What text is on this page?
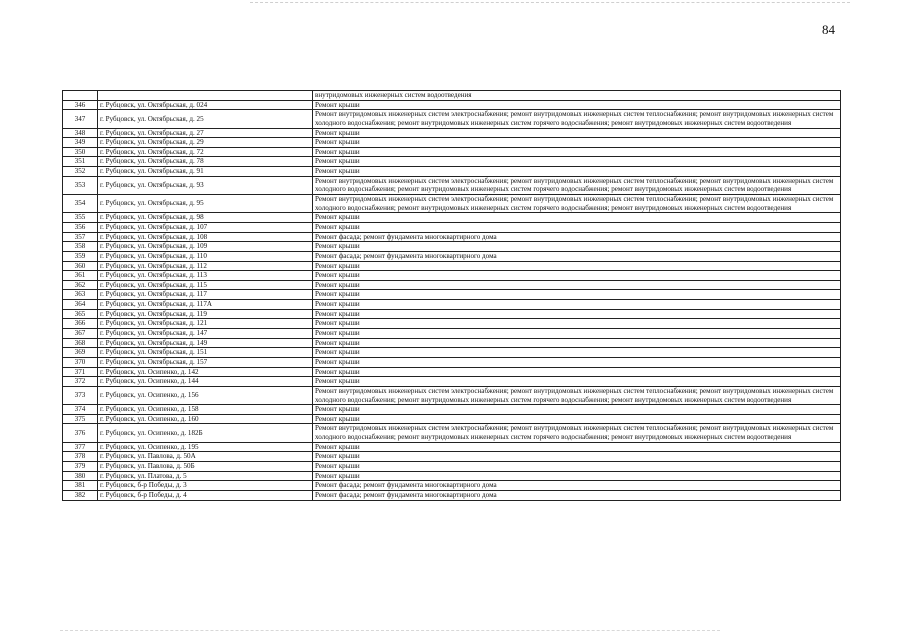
84
		внутридомовых инженерных систем водоотведения
346	г. Рубцовск, ул. Октябрьская, д. 024	Ремонт крыши
347	г. Рубцовск, ул. Октябрьская, д. 25	Ремонт внутридомовых инженерных систем электроснабжения; ремонт внутридомовых инженерных систем теплоснабжения; ремонт внутридомовых инженерных систем холодного водоснабжения; ремонт внутридомовых инженерных систем горячего водоснабжения; ремонт внутридомовых инженерных систем водоотведения
348	г. Рубцовск, ул. Октябрьская, д. 27	Ремонт крыши
349	г. Рубцовск, ул. Октябрьская, д. 29	Ремонт крыши
350	г. Рубцовск, ул. Октябрьская, д. 72	Ремонт крыши
351	г. Рубцовск, ул. Октябрьская, д. 78	Ремонт крыши
352	г. Рубцовск, ул. Октябрьская, д. 91	Ремонт крыши
353	г. Рубцовск, ул. Октябрьская, д. 93	Ремонт внутридомовых инженерных систем электроснабжения; ремонт внутридомовых инженерных систем теплоснабжения; ремонт внутридомовых инженерных систем холодного водоснабжения; ремонт внутридомовых инженерных систем горячего водоснабжения; ремонт внутридомовых инженерных систем водоотведения
354	г. Рубцовск, ул. Октябрьская, д. 95	Ремонт внутридомовых инженерных систем электроснабжения; ремонт внутридомовых инженерных систем теплоснабжения; ремонт внутридомовых инженерных систем холодного водоснабжения; ремонт внутридомовых инженерных систем горячего водоснабжения; ремонт внутридомовых инженерных систем водоотведения
355	г. Рубцовск, ул. Октябрьская, д. 98	Ремонт крыши
356	г. Рубцовск, ул. Октябрьская, д. 107	Ремонт крыши
357	г. Рубцовск, ул. Октябрьская, д. 108	Ремонт фасада; ремонт фундамента многоквартирного дома
358	г. Рубцовск, ул. Октябрьская, д. 109	Ремонт крыши
359	г. Рубцовск, ул. Октябрьская, д. 110	Ремонт фасада; ремонт фундамента многоквартирного дома
360	г. Рубцовск, ул. Октябрьская, д. 112	Ремонт крыши
361	г. Рубцовск, ул. Октябрьская, д. 113	Ремонт крыши
362	г. Рубцовск, ул. Октябрьская, д. 115	Ремонт крыши
363	г. Рубцовск, ул. Октябрьская, д. 117	Ремонт крыши
364	г. Рубцовск, ул. Октябрьская, д. 117А	Ремонт крыши
365	г. Рубцовск, ул. Октябрьская, д. 119	Ремонт крыши
366	г. Рубцовск, ул. Октябрьская, д. 121	Ремонт крыши
367	г. Рубцовск, ул. Октябрьская, д. 147	Ремонт крыши
368	г. Рубцовск, ул. Октябрьская, д. 149	Ремонт крыши
369	г. Рубцовск, ул. Октябрьская, д. 151	Ремонт крыши
370	г. Рубцовск, ул. Октябрьская, д. 157	Ремонт крыши
371	г. Рубцовск, ул. Осипенко, д. 142	Ремонт крыши
372	г. Рубцовск, ул. Осипенко, д. 144	Ремонт крыши
373	г. Рубцовск, ул. Осипенко, д. 156	Ремонт внутридомовых инженерных систем электроснабжения; ремонт внутридомовых инженерных систем теплоснабжения; ремонт внутридомовых инженерных систем холодного водоснабжения; ремонт внутридомовых инженерных систем горячего водоснабжения; ремонт внутридомовых инженерных систем водоотведения
374	г. Рубцовск, ул. Осипенко, д. 158	Ремонт крыши
375	г. Рубцовск, ул. Осипенко, д. 160	Ремонт крыши
376	г. Рубцовск, ул. Осипенко, д. 182Б	Ремонт внутридомовых инженерных систем электроснабжения; ремонт внутридомовых инженерных систем теплоснабжения; ремонт внутридомовых инженерных систем холодного водоснабжения; ремонт внутридомовых инженерных систем горячего водоснабжения; ремонт внутридомовых инженерных систем водоотведения
377	г. Рубцовск, ул. Осипенко, д. 195	Ремонт крыши
378	г. Рубцовск, ул. Павлова, д. 50А	Ремонт крыши
379	г. Рубцовск, ул. Павлова, д. 50Б	Ремонт крыши
380	г. Рубцовск, ул. Платова, д. 5	Ремонт крыши
381	г. Рубцовск, б-р Победы, д. 3	Ремонт фасада; ремонт фундамента многоквартирного дома
382	г. Рубцовск, б-р Победы, д. 4	Ремонт фасада; ремонт фундамента многоквартирного дома
